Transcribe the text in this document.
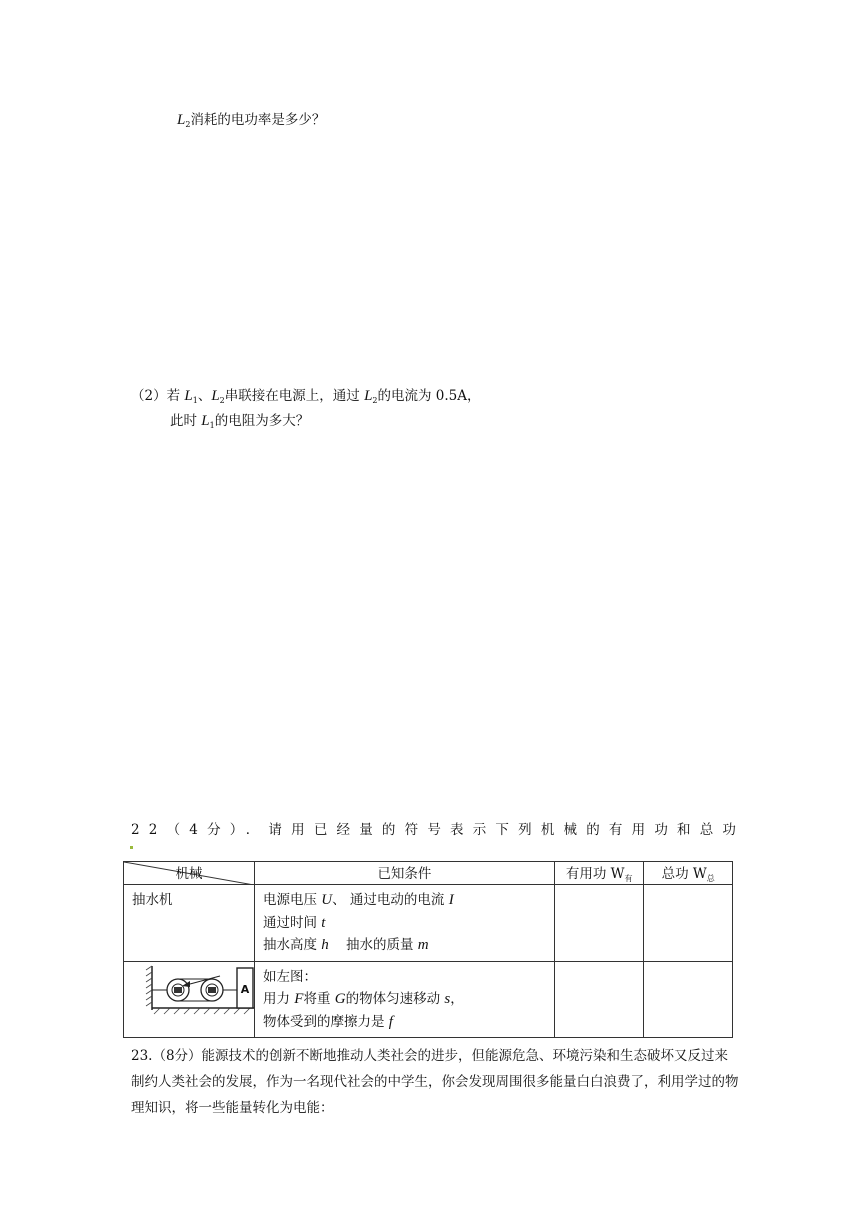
$L_2$消耗的电功率是多少？
（2）若 $L_1$、$L_2$串联接在电源上，通过 $L_2$的电流为 0.5A，
此时 $L_1$的电阻为多大？
22（4分）．请用已经量的符号表示下列机械的有用功和总功
机械	已知条件	有用功 $W_有$	总功 $W_总$

抽水机	电源电压 U、 通过电动的电流 I
通过时间 t
抽水高度 h    抽水的质量 m		

A	如左图：
用力 F将重 G的物体匀速移动 s，
物体受到的摩擦力是 f		

23.（8分）能源技术的创新不断地推动人类社会的进步，但能源危急、环境污染和生态破坏又反过来制约人类社会的发展，作为一名现代社会的中学生，你会发现周围很多能量白白浪费了，利用学过的物理知识，将一些能量转化为电能：
